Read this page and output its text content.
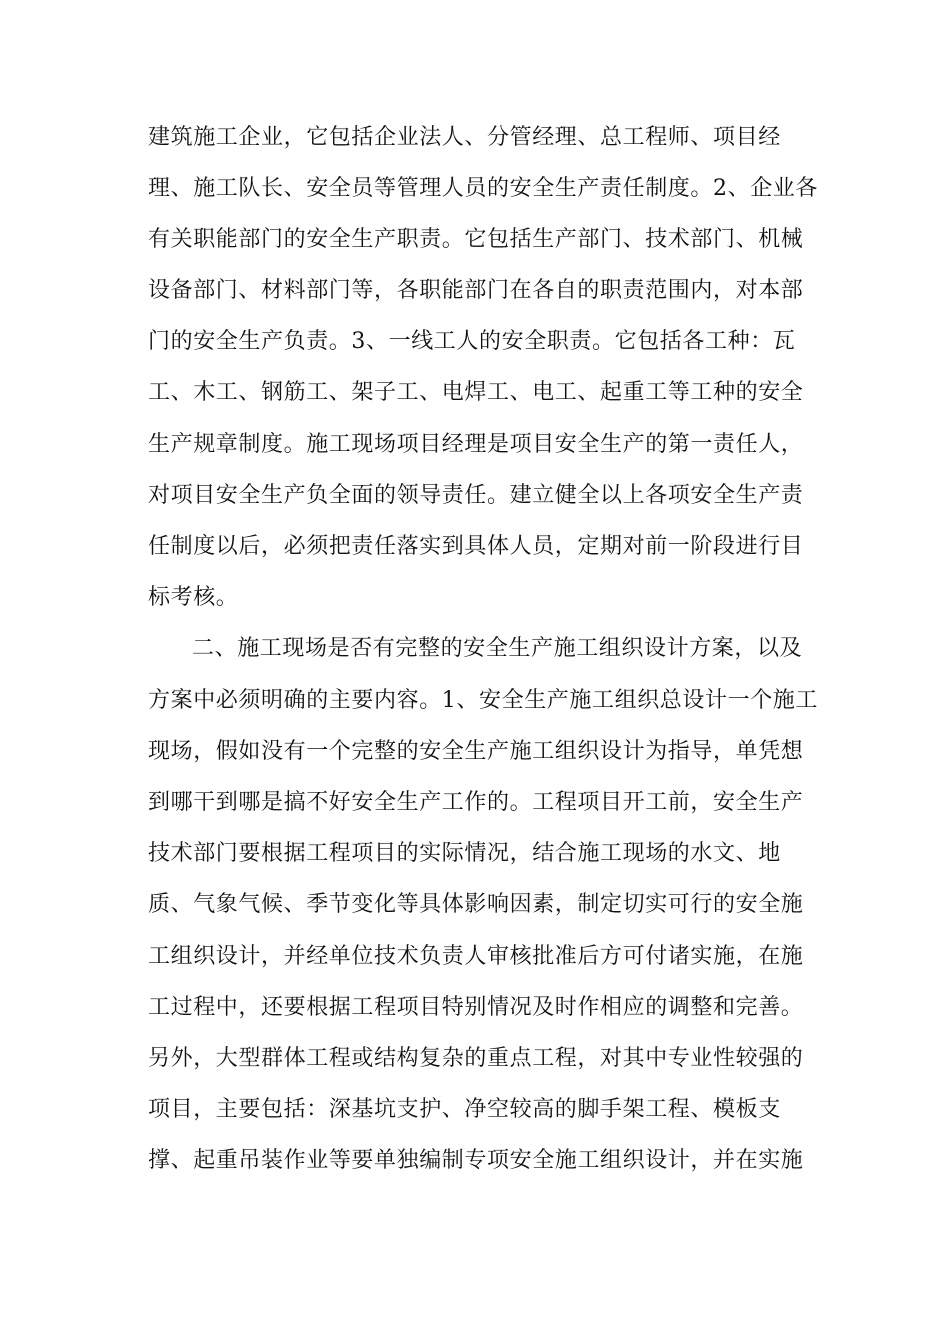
建筑施工企业，它包括企业法人、分管经理、总工程师、项目经
理、施工队长、安全员等管理人员的安全生产责任制度。2、企业各
有关职能部门的安全生产职责。它包括生产部门、技术部门、机械
设备部门、材料部门等，各职能部门在各自的职责范围内，对本部
门的安全生产负责。3、一线工人的安全职责。它包括各工种：瓦
工、木工、钢筋工、架子工、电焊工、电工、起重工等工种的安全
生产规章制度。施工现场项目经理是项目安全生产的第一责任人，
对项目安全生产负全面的领导责任。建立健全以上各项安全生产责
任制度以后，必须把责任落实到具体人员，定期对前一阶段进行目
标考核。
二、施工现场是否有完整的安全生产施工组织设计方案，以及
方案中必须明确的主要内容。1、安全生产施工组织总设计一个施工
现场，假如没有一个完整的安全生产施工组织设计为指导，单凭想
到哪干到哪是搞不好安全生产工作的。工程项目开工前，安全生产
技术部门要根据工程项目的实际情况，结合施工现场的水文、地
质、气象气候、季节变化等具体影响因素，制定切实可行的安全施
工组织设计，并经单位技术负责人审核批准后方可付诸实施，在施
工过程中，还要根据工程项目特别情况及时作相应的调整和完善。
另外，大型群体工程或结构复杂的重点工程，对其中专业性较强的
项目，主要包括：深基坑支护、净空较高的脚手架工程、模板支
撑、起重吊装作业等要单独编制专项安全施工组织设计，并在实施
